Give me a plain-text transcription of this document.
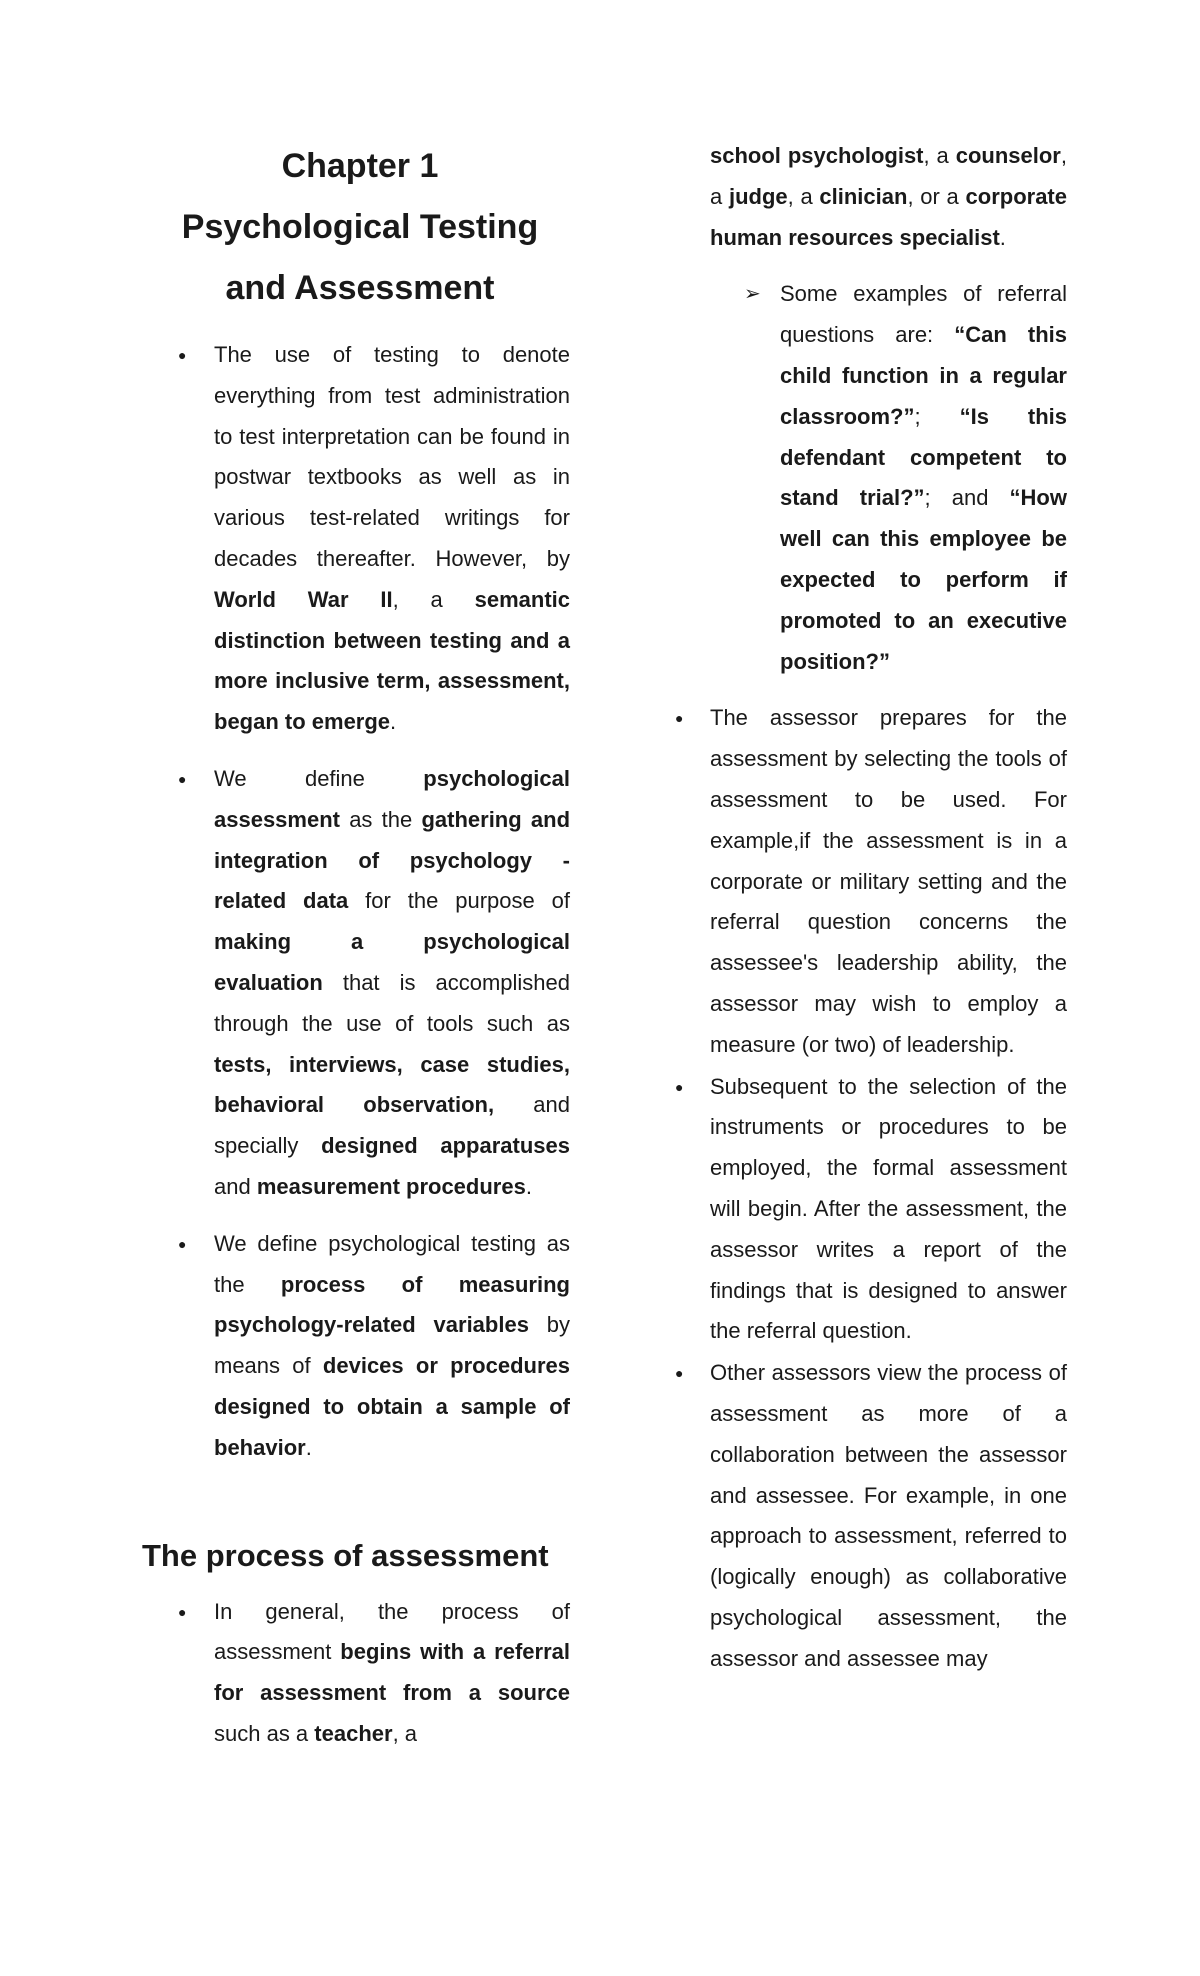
Chapter 1
Psychological Testing
and Assessment
● The use of testing to denote everything from test administration to test interpretation can be found in postwar textbooks as well as in various test-related writings for decades thereafter. However, by World War II, a semantic distinction between testing and a more inclusive term, assessment, began to emerge.
● We define psychological assessment as the gathering and integration of psychology - related data for the purpose of making a psychological evaluation that is accomplished through the use of tools such as tests, interviews, case studies, behavioral observation, and specially designed apparatuses and measurement procedures.
● We define psychological testing as the process of measuring psychology-related variables by means of devices or procedures designed to obtain a sample of behavior.
The process of assessment
● In general, the process of assessment begins with a referral for assessment from a source such as a teacher, a

school psychologist, a counselor, a judge, a clinician, or a corporate human resources specialist.

➢ Some examples of referral questions are: “Can this child function in a regular classroom?”; “Is this defendant competent to stand trial?”; and “How well can this employee be expected to perform if promoted to an executive position?”
● The assessor prepares for the assessment by selecting the tools of assessment to be used. For example,if the assessment is in a corporate or military setting and the referral question concerns the assessee's leadership ability, the assessor may wish to employ a measure (or two) of leadership.
● Subsequent to the selection of the instruments or procedures to be employed, the formal assessment will begin. After the assessment, the assessor writes a report of the findings that is designed to answer the referral question.
● Other assessors view the process of assessment as more of a collaboration between the assessor and assessee. For example, in one approach to assessment, referred to (logically enough) as collaborative psychological assessment, the assessor and assessee may
